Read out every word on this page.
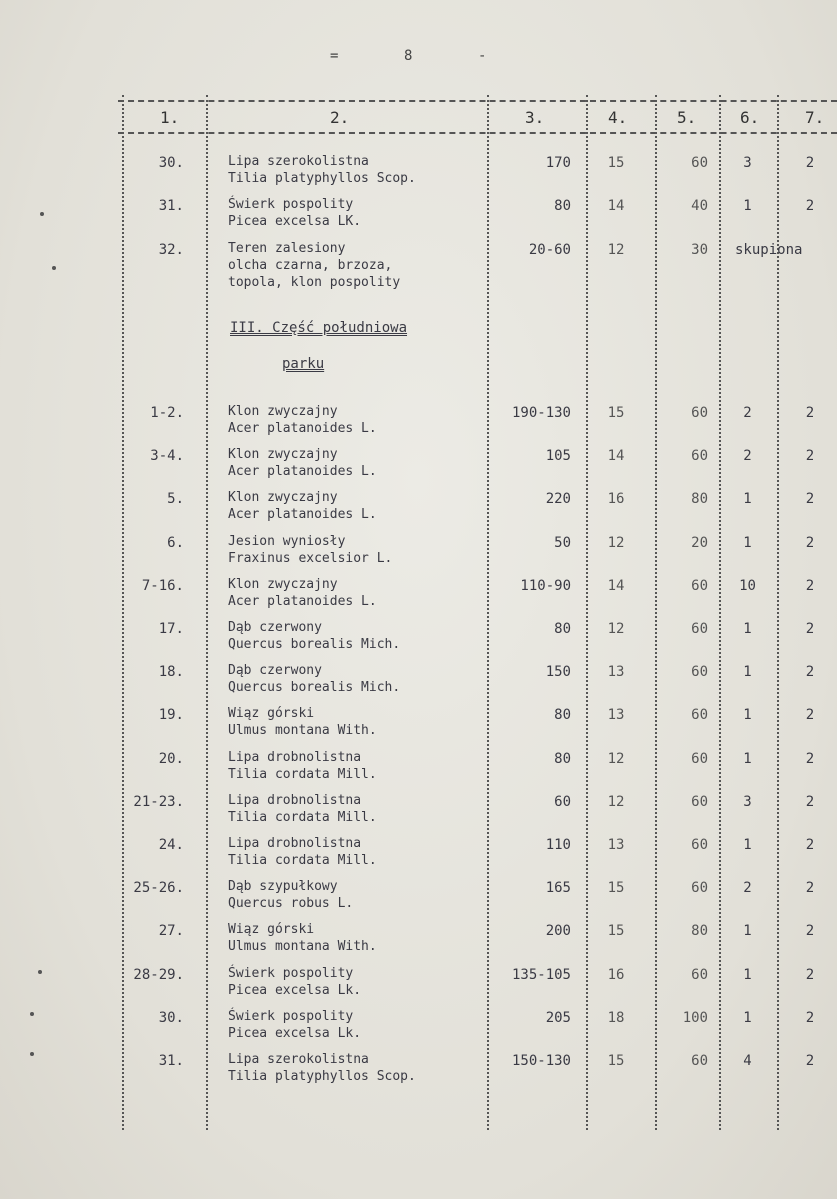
=	8	-
1.	2.	3.	4.	5.	6.	7.
30.	Lipa szerokolistna
Tilia platyphyllos Scop.
170	15	60	3	2
31.	Świerk pospolity
Picea excelsa LK.
80	14	40	1	2
32.	Teren zalesiony
olcha czarna, brzoza,
topola, klon pospolity
20-60	12	30 skupiona
III. Część południowa
parku
1-2.	Klon zwyczajny
Acer platanoides L.
190-130	15	60	2	2
3-4.	Klon zwyczajny
Acer platanoides L.
105	14	60	2	2
5.	Klon zwyczajny
Acer platanoides L.
220	16	80	1	2
6.	Jesion wyniosły
Fraxinus excelsior L.
50	12	20	1	2
7-16.	Klon zwyczajny
Acer platanoides L.
110-90	14	60	10	2
17.	Dąb czerwony
Quercus borealis Mich.
80	12	60	1	2
18.	Dąb czerwony
Quercus borealis Mich.
150	13	60	1	2
19.	Wiąz górski
Ulmus montana With.
80	13	60	1	2
20.	Lipa drobnolistna
Tilia cordata Mill.
80	12	60	1	2
21-23.	Lipa drobnolistna
Tilia cordata Mill.
60	12	60	3	2
24.	Lipa drobnolistna
Tilia cordata Mill.
110	13	60	1	2
25-26.	Dąb szypułkowy
Quercus robus L.
165	15	60	2	2
27.	Wiąz górski
Ulmus montana With.
200	15	80	1	2
28-29.	Świerk pospolity
Picea excelsa Lk.
135-105	16	60	1	2
30.	Świerk pospolity
Picea excelsa Lk.
205	18	100	1	2
31.	Lipa szerokolistna
Tilia platyphyllos Scop.
150-130	15	60	4	2
